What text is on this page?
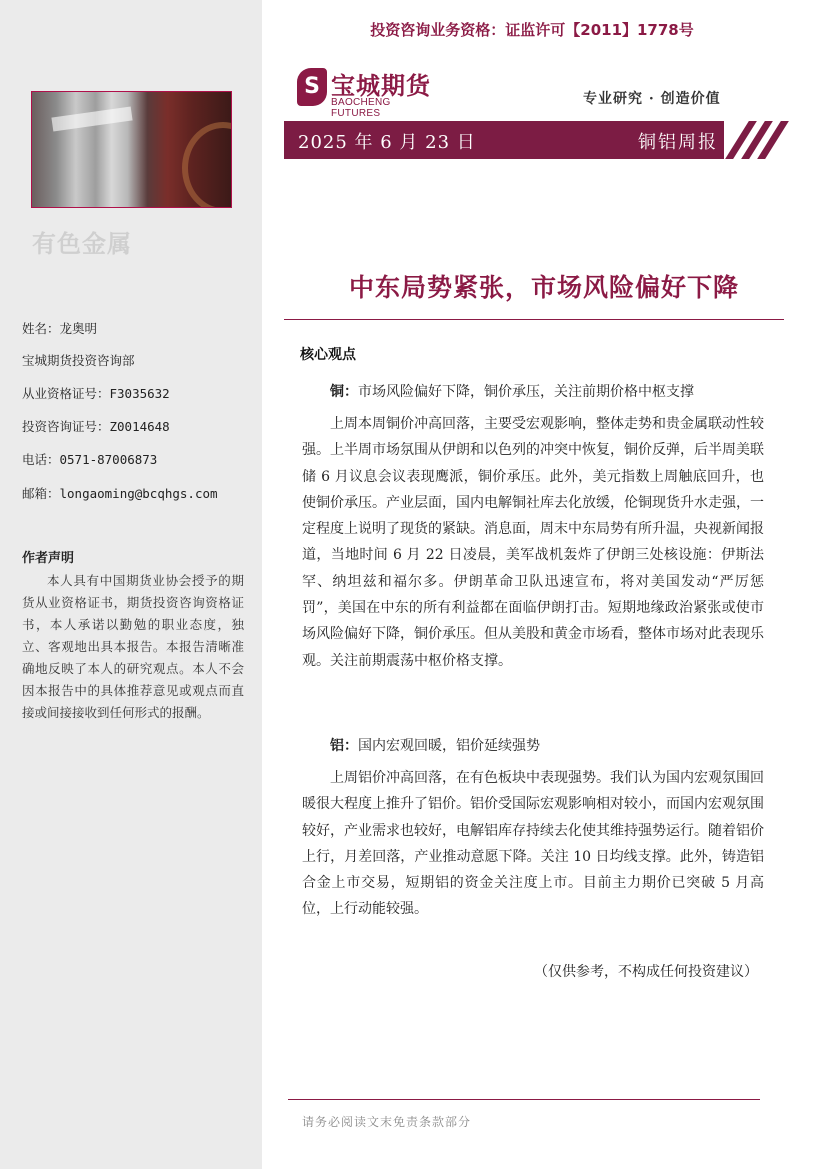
有色金属
姓名：龙奥明
宝城期货投资咨询部
从业资格证号：F3035632
投资咨询证号：Z0014648
电话：0571-87006873
邮箱：longaoming@bcqhgs.com
作者声明
本人具有中国期货业协会授予的期货从业资格证书，期货投资咨询资格证书，本人承诺以勤勉的职业态度，独立、客观地出具本报告。本报告清晰准确地反映了本人的研究观点。本人不会因本报告中的具体推荐意见或观点而直接或间接接收到任何形式的报酬。
投资咨询业务资格：证监许可【2011】1778号
S 宝城期货
BAOCHENG FUTURES
专业研究 · 创造价值
2025 年 6 月 23 日	铜铝周报
中东局势紧张，市场风险偏好下降
核心观点
铜：市场风险偏好下降，铜价承压，关注前期价格中枢支撑
上周本周铜价冲高回落，主要受宏观影响，整体走势和贵金属联动性较强。上半周市场氛围从伊朗和以色列的冲突中恢复，铜价反弹，后半周美联储 6 月议息会议表现鹰派，铜价承压。此外，美元指数上周触底回升，也使铜价承压。产业层面，国内电解铜社库去化放缓，伦铜现货升水走强，一定程度上说明了现货的紧缺。消息面，周末中东局势有所升温，央视新闻报道，当地时间 6 月 22 日凌晨，美军战机轰炸了伊朗三处核设施：伊斯法罕、纳坦兹和福尔多。伊朗革命卫队迅速宣布，将对美国发动“严厉惩罚”，美国在中东的所有利益都在面临伊朗打击。短期地缘政治紧张或使市场风险偏好下降，铜价承压。但从美股和黄金市场看，整体市场对此表现乐观。关注前期震荡中枢价格支撑。
铝：国内宏观回暖，铝价延续强势
上周铝价冲高回落，在有色板块中表现强势。我们认为国内宏观氛围回暖很大程度上推升了铝价。铝价受国际宏观影响相对较小，而国内宏观氛围较好，产业需求也较好，电解铝库存持续去化使其维持强势运行。随着铝价上行，月差回落，产业推动意愿下降。关注 10 日均线支撑。此外，铸造铝合金上市交易，短期铝的资金关注度上市。目前主力期价已突破 5 月高位，上行动能较强。
（仅供参考，不构成任何投资建议）
请务必阅读文末免责条款部分
